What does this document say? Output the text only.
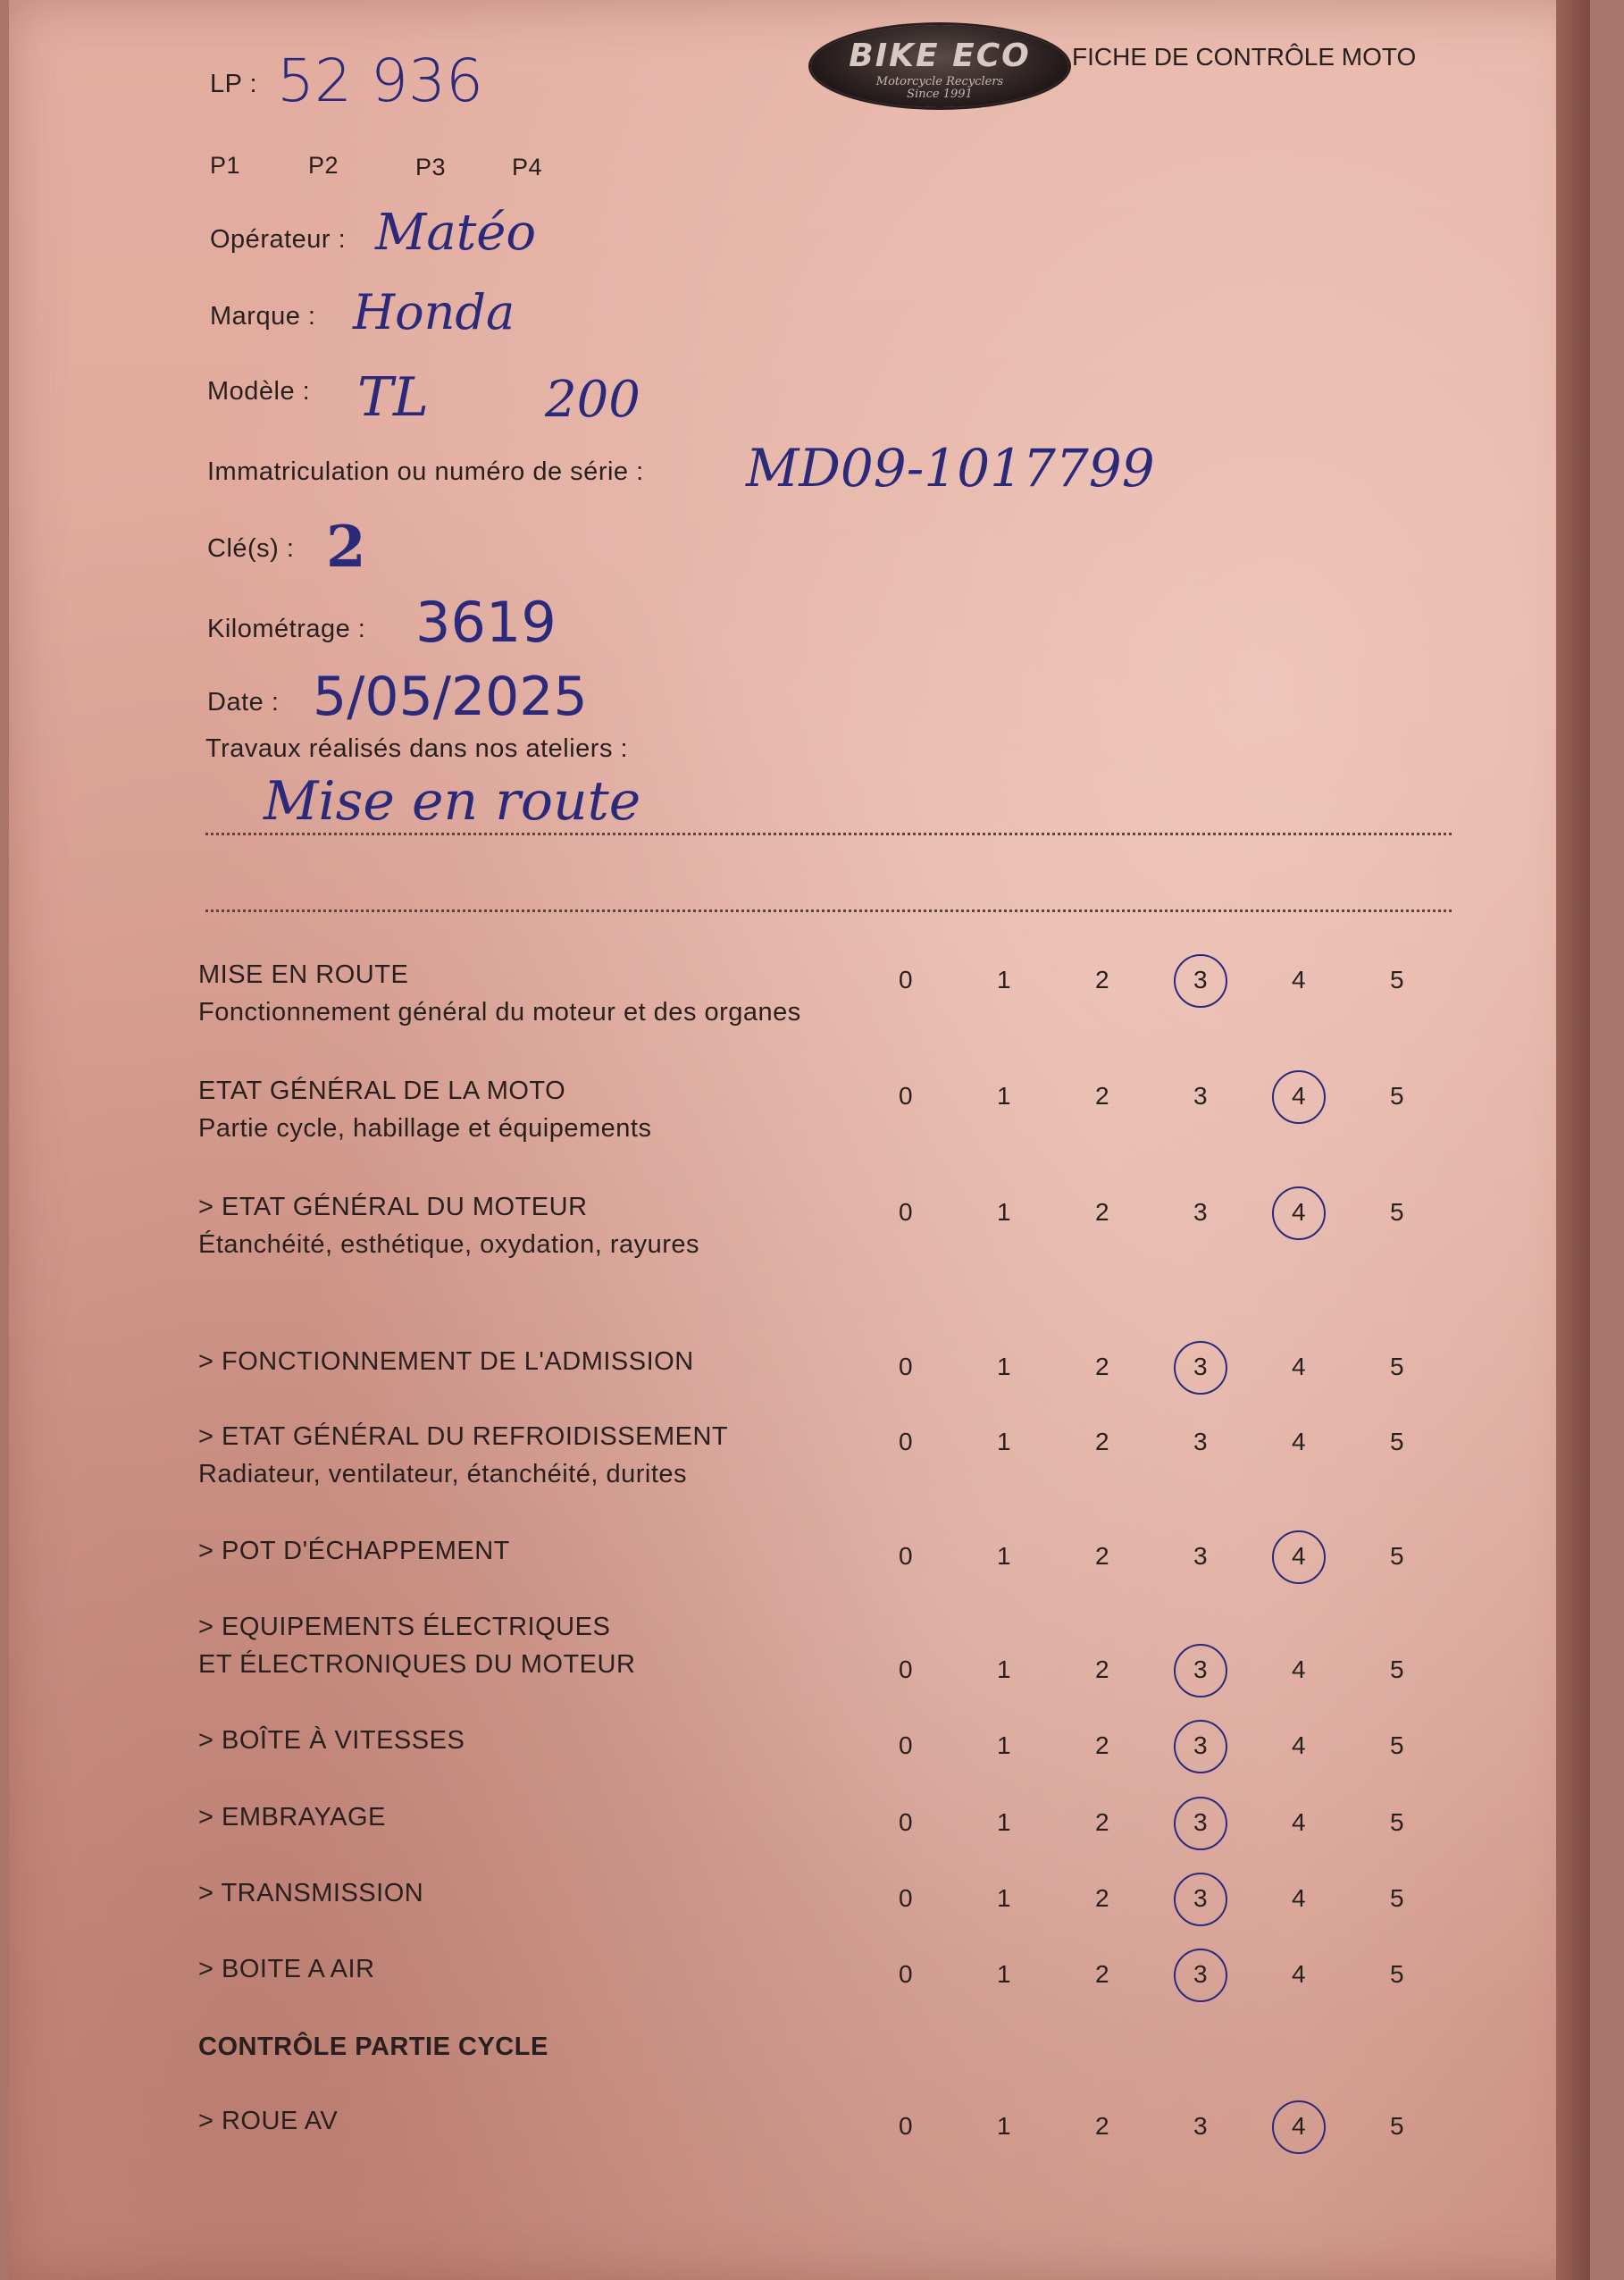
BIKE ECO
Motorcycle Recyclers
Since 1991
FICHE DE CONTRÔLE MOTO
LP : 52 936
P1	P2	P3	P4
Opérateur : Matéo
Marque : Honda
Modèle : TL 200
Immatriculation ou numéro de série : MD09-1017799
Clé(s) : 2
Kilométrage : 3619
Date : 5/05/2025
Travaux réalisés dans nos ateliers :
Mise en route
MISE EN ROUTE
Fonctionnement général du moteur et des organes
0	1	2	3	4	5
ETAT GÉNÉRAL DE LA MOTO
Partie cycle, habillage et équipements
0	1	2	3	4	5
> ETAT GÉNÉRAL DU MOTEUR
Étanchéité, esthétique, oxydation, rayures
0	1	2	3	4	5
> FONCTIONNEMENT DE L'ADMISSION	0	1	2	3	4	5
> ETAT GÉNÉRAL DU REFROIDISSEMENT
Radiateur, ventilateur, étanchéité, durites
0	1	2	3	4	5
> POT D'ÉCHAPPEMENT	0	1	2	3	4	5
> EQUIPEMENTS ÉLECTRIQUES
ET ÉLECTRONIQUES DU MOTEUR	0	1	2	3	4	5
> BOÎTE À VITESSES	0	1	2	3	4	5
> EMBRAYAGE	0	1	2	3	4	5
> TRANSMISSION	0	1	2	3	4	5
> BOITE A AIR	0	1	2	3	4	5
CONTRÔLE PARTIE CYCLE
> ROUE AV	0	1	2	3	4	5
